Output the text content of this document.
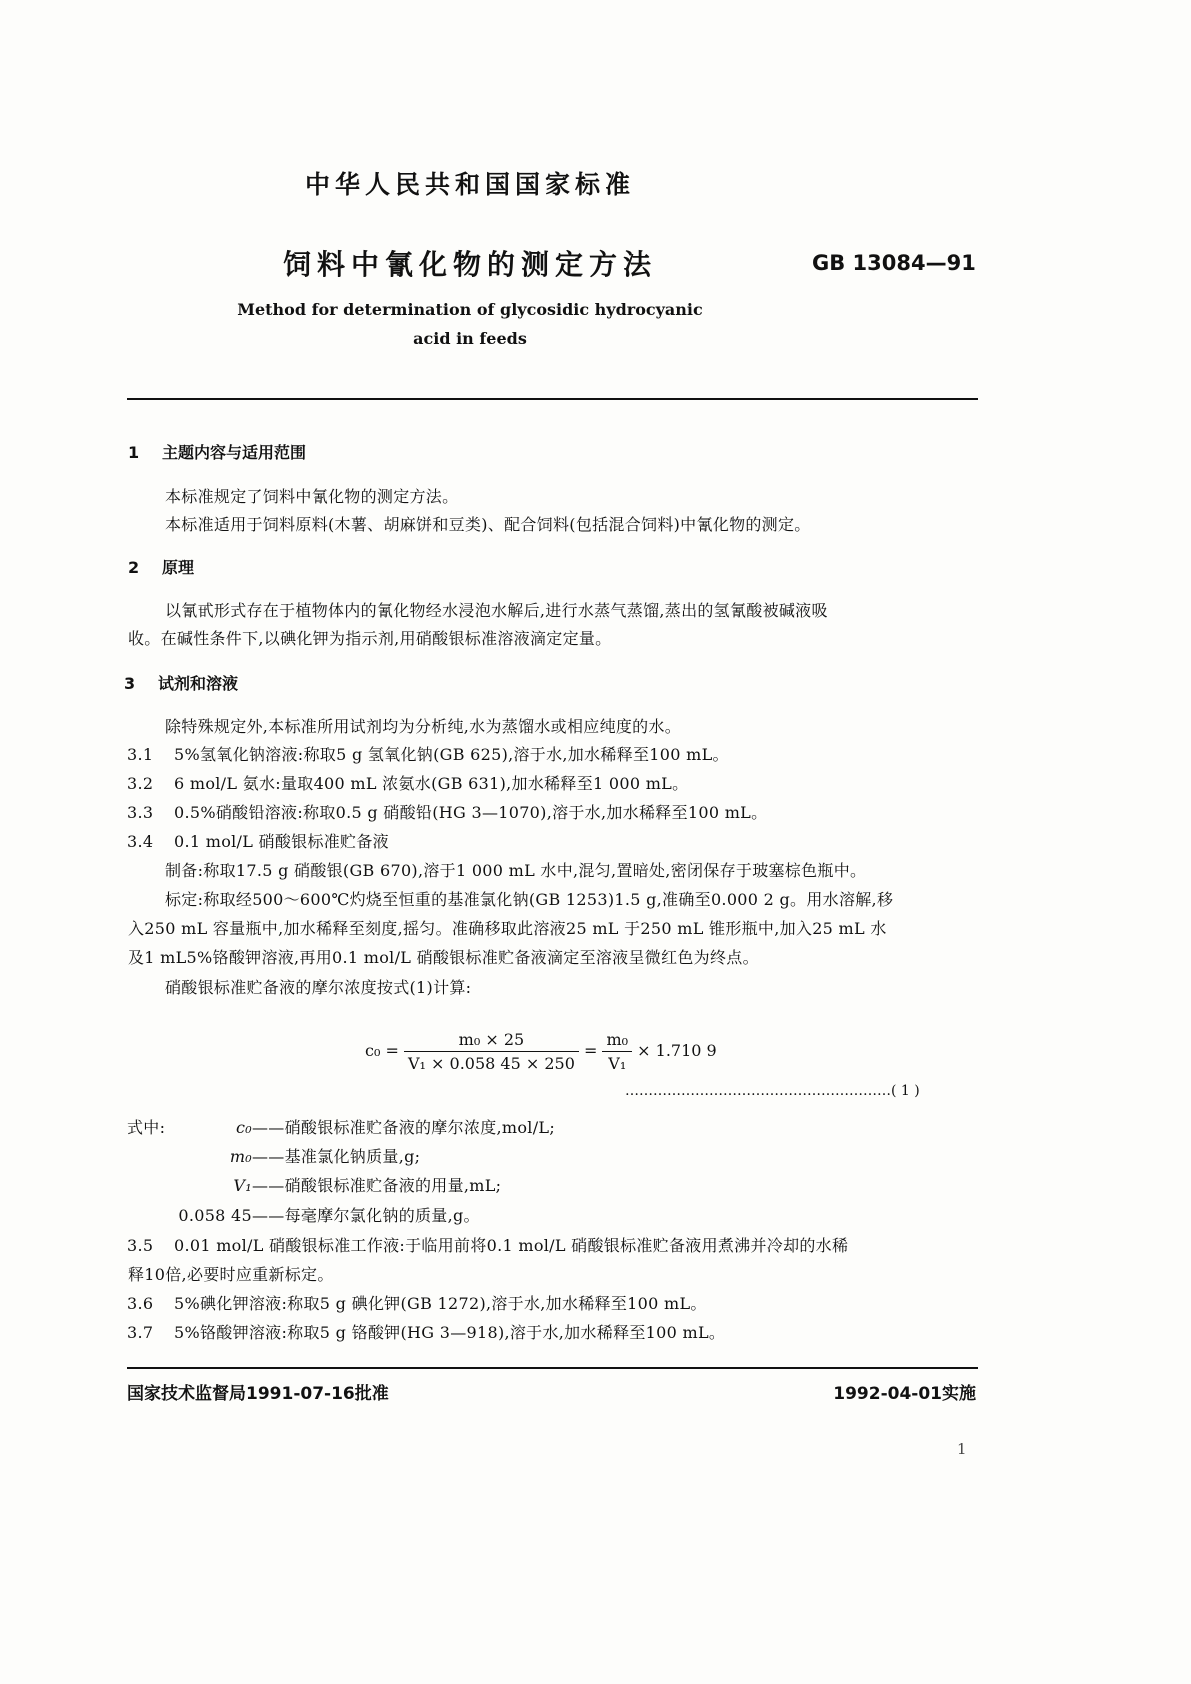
中华人民共和国国家标准
饲料中氰化物的测定方法	GB 13084—91
Method for determination of glycosidic hydrocyanic
acid in feeds
1 主题内容与适用范围
本标准规定了饲料中氰化物的测定方法。
本标准适用于饲料原料(木薯、胡麻饼和豆类)、配合饲料(包括混合饲料)中氰化物的测定。
2 原理
以氰甙形式存在于植物体内的氰化物经水浸泡水解后,进行水蒸气蒸馏,蒸出的氢氰酸被碱液吸
收。在碱性条件下,以碘化钾为指示剂,用硝酸银标准溶液滴定定量。
3 试剂和溶液
除特殊规定外,本标准所用试剂均为分析纯,水为蒸馏水或相应纯度的水。
3.1 5%氢氧化钠溶液:称取5 g 氢氧化钠(GB 625),溶于水,加水稀释至100 mL。
3.2 6 mol/L 氨水:量取400 mL 浓氨水(GB 631),加水稀释至1 000 mL。
3.3 0.5%硝酸铅溶液:称取0.5 g 硝酸铅(HG 3—1070),溶于水,加水稀释至100 mL。
3.4 0.1 mol/L 硝酸银标准贮备液
制备:称取17.5 g 硝酸银(GB 670),溶于1 000 mL 水中,混匀,置暗处,密闭保存于玻塞棕色瓶中。
标定:称取经500～600℃灼烧至恒重的基准氯化钠(GB 1253)1.5 g,准确至0.000 2 g。用水溶解,移
入250 mL 容量瓶中,加水稀释至刻度,摇匀。准确移取此溶液25 mL 于250 mL 锥形瓶中,加入25 mL 水
及1 mL5%铬酸钾溶液,再用0.1 mol/L 硝酸银标准贮备液滴定至溶液呈微红色为终点。
硝酸银标准贮备液的摩尔浓度按式(1)计算:
$c_0 = \frac{\text{m₀ × 25}}{\text{V₁ × 0.058 45 × 250}} = \frac{\text{m₀}}{\text{V₁}} \times 1.710$ 9
…………………………………………………( 1 )
式中:	c₀——硝酸银标准贮备液的摩尔浓度,mol/L;
m₀——基准氯化钠质量,g;
V₁——硝酸银标准贮备液的用量,mL;
0.058 45——每毫摩尔氯化钠的质量,g。
3.5 0.01 mol/L 硝酸银标准工作液:于临用前将0.1 mol/L 硝酸银标准贮备液用煮沸并冷却的水稀
释10倍,必要时应重新标定。
3.6 5%碘化钾溶液:称取5 g 碘化钾(GB 1272),溶于水,加水稀释至100 mL。
3.7 5%铬酸钾溶液:称取5 g 铬酸钾(HG 3—918),溶于水,加水稀释至100 mL。
国家技术监督局1991-07-16批准	1992-04-01实施
1
